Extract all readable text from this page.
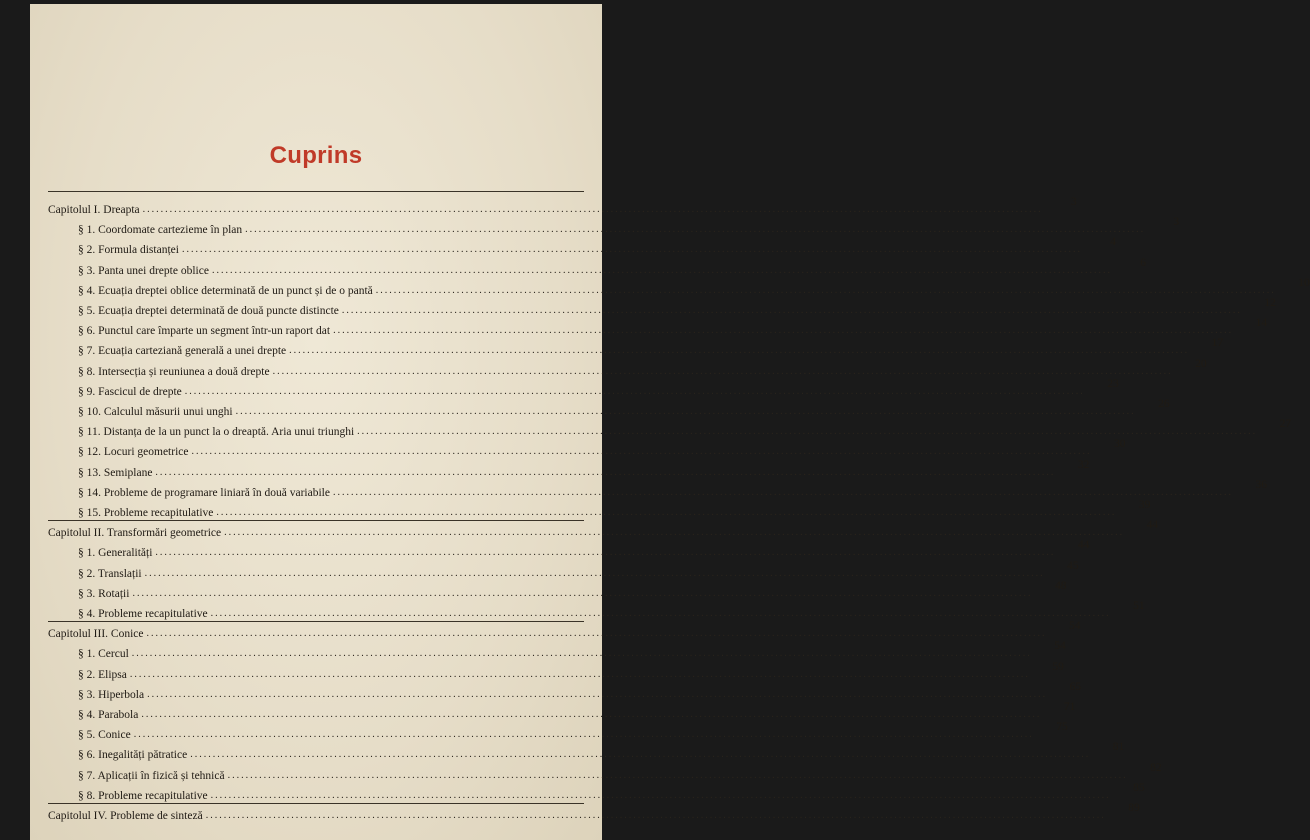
Cuprins
Capitolul I. Dreapta ........................................................................................................................................................................................................
3
§ 1. Coordomate cartezieme în plan ........................................................................................................................................................................................................
3
§ 2. Formula distanței ........................................................................................................................................................................................................
4
§ 3. Panta unei drepte oblice ........................................................................................................................................................................................................
6
§ 4. Ecuația dreptei oblice determinată de un punct și de o pantă ........................................................................................................................................................................................................
10
§ 5. Ecuația dreptei determinată de două puncte distincte ........................................................................................................................................................................................................
12
§ 6. Punctul care împarte un segment într-un raport dat ........................................................................................................................................................................................................
14
§ 7. Ecuația carteziană generală a unei drepte ........................................................................................................................................................................................................
17
§ 8. Intersecția și reuniunea a două drepte ........................................................................................................................................................................................................
20
§ 9. Fascicul de drepte ........................................................................................................................................................................................................
23
§ 10. Calculul măsurii unui unghi ........................................................................................................................................................................................................
26
§ 11. Distanța de la un punct la o dreaptă. Aria unui triunghi ........................................................................................................................................................................................................
27
§ 12. Locuri geometrice ........................................................................................................................................................................................................
30
§ 13. Semiplane ........................................................................................................................................................................................................
32
§ 14. Probleme de programare liniară în două variabile ........................................................................................................................................................................................................
36
§ 15. Probleme recapitulative ........................................................................................................................................................................................................
39
Capitolul II. Transformări geometrice ........................................................................................................................................................................................................
44
§ 1. Generalități ........................................................................................................................................................................................................
44
§ 2. Translații ........................................................................................................................................................................................................
45
§ 3. Rotații ........................................................................................................................................................................................................
48
§ 4. Probleme recapitulative ........................................................................................................................................................................................................
51
Capitolul III. Conice ........................................................................................................................................................................................................
54
§ 1. Cercul ........................................................................................................................................................................................................
54
§ 2. Elipsa ........................................................................................................................................................................................................
59
§ 3. Hiperbola ........................................................................................................................................................................................................
65
§ 4. Parabola ........................................................................................................................................................................................................
71
§ 5. Conice ........................................................................................................................................................................................................
75
§ 6. Inegalități pătratice ........................................................................................................................................................................................................
81
§ 7. Aplicații în fizică și tehnică ........................................................................................................................................................................................................
82
§ 8. Probleme recapitulative ........................................................................................................................................................................................................
85
Capitolul IV. Probleme de sinteză ........................................................................................................................................................................................................
89
